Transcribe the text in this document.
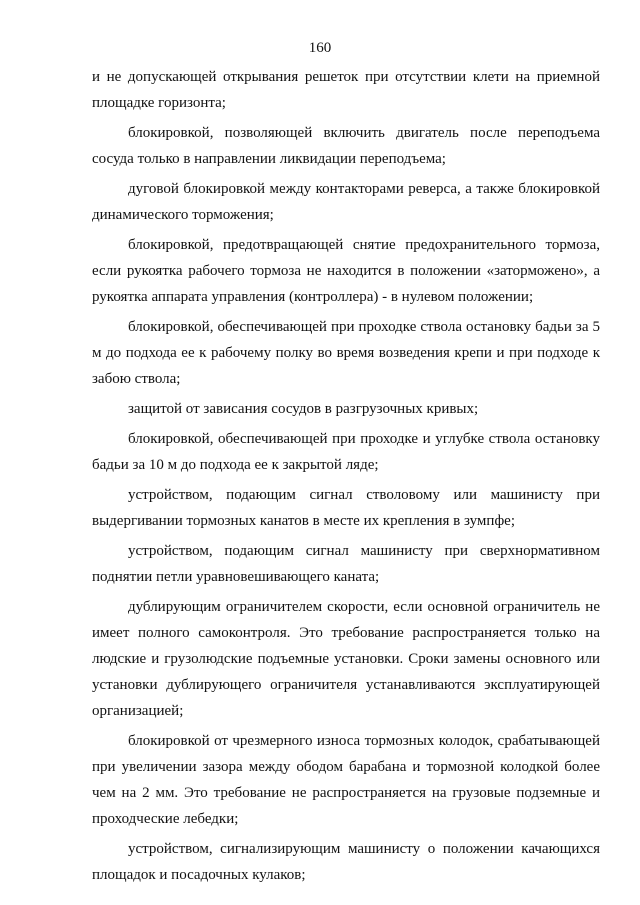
160

и не допускающей открывания решеток при отсутствии клети на приемной площадке горизонта;

блокировкой, позволяющей включить двигатель после переподъема сосуда только в направлении ликвидации переподъема;

дуговой блокировкой между контакторами реверса, а также блокировкой динамического торможения;

блокировкой, предотвращающей снятие предохранительного тормоза, если рукоятка рабочего тормоза не находится в положении «заторможено», а рукоятка аппарата управления (контроллера) - в нулевом положении;

блокировкой, обеспечивающей при проходке ствола остановку бадьи за 5 м до подхода ее к рабочему полку во время возведения крепи и при подходе к забою ствола;

защитой от зависания сосудов в разгрузочных кривых;

блокировкой, обеспечивающей при проходке и углубке ствола остановку бадьи за 10 м до подхода ее к закрытой ляде;

устройством, подающим сигнал стволовому или машинисту при выдергивании тормозных канатов в месте их крепления в зумпфе;

устройством, подающим сигнал машинисту при сверхнормативном поднятии петли уравновешивающего каната;

дублирующим ограничителем скорости, если основной ограничитель не имеет полного самоконтроля. Это требование распространяется только на людские и грузолюдские подъемные установки. Сроки замены основного или установки дублирующего ограничителя устанавливаются эксплуатирующей организацией;

блокировкой от чрезмерного износа тормозных колодок, срабатывающей при увеличении зазора между ободом барабана и тормозной колодкой более чем на 2 мм. Это требование не распространяется на грузовые подземные и проходческие лебедки;

устройством, сигнализирующим машинисту о положении качающихся площадок и посадочных кулаков;
